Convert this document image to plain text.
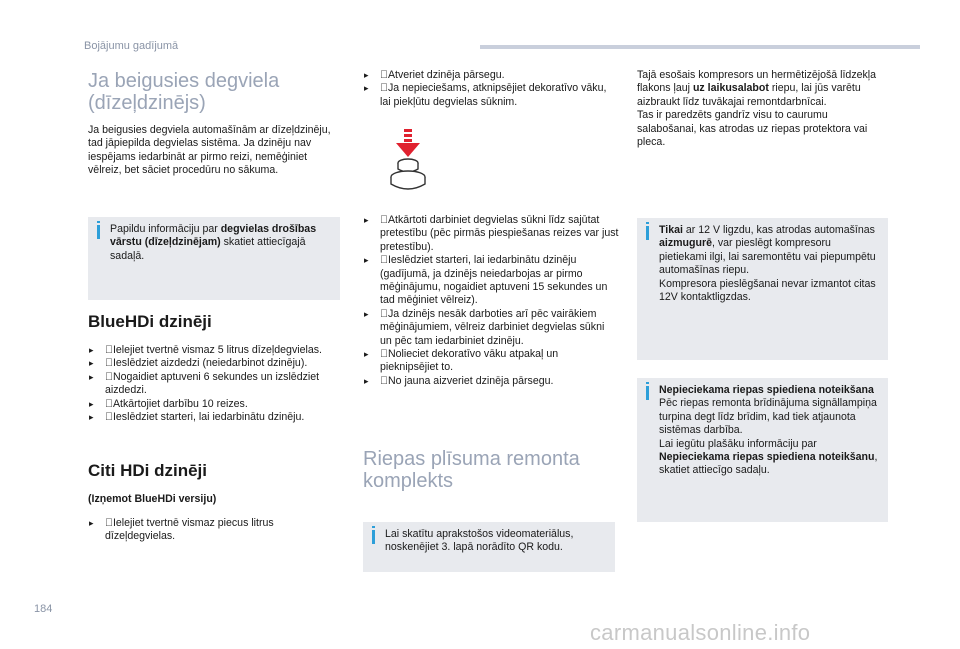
Bojājumu gadījumā
Ja beigusies degviela
(dīzeļdzinējs)

Ja beigusies degviela automašīnām ar dīzeļdzinēju, tad jāpiepilda degvielas sistēma. Ja dzinēju nav iespējams iedarbināt ar pirmo reizi, nemēģiniet vēlreiz, bet sāciet procedūru no sākuma.

Papildu informāciju par degvielas drošības vārstu (dīzeļdzinējam) skatiet attiecīgajā sadaļā.
BlueHDi dzinēji
▸ Ielejiet tvertnē vismaz 5 litrus dīzeļdegvielas.
▸ Ieslēdziet aizdedzi (neiedarbinot dzinēju).
▸ Nogaidiet aptuveni 6 sekundes un izslēdziet aizdedzi.
▸ Atkārtojiet darbību 10 reizes.
▸ Ieslēdziet starteri, lai iedarbinātu dzinēju.
Citi HDi dzinēji
(Izņemot BlueHDi versiju)
▸ Ielejiet tvertnē vismaz piecus litrus dīzeļdegvielas.
▸ Atveriet dzinēja pārsegu.
▸ Ja nepieciešams, atknipsējiet dekoratīvo vāku, lai piekļūtu degvielas sūknim.
▸ Atkārtoti darbiniet degvielas sūkni līdz sajūtat pretestību (pēc pirmās piespiešanas reizes var just pretestību).
▸ Ieslēdziet starteri, lai iedarbinātu dzinēju (gadījumā, ja dzinējs neiedarbojas ar pirmo mēģinājumu, nogaidiet aptuveni 15 sekundes un tad mēģiniet vēlreiz).
▸ Ja dzinējs nesāk darboties arī pēc vairākiem mēģinājumiem, vēlreiz darbiniet degvielas sūkni un pēc tam iedarbiniet dzinēju.
▸ Nolieciet dekoratīvo vāku atpakaļ un pieknipsējiet to.
▸ No jauna aizveriet dzinēja pārsegu.
Riepas plīsuma remonta
komplekts
Lai skatītu aprakstošos videomateriālus, noskenējiet 3. lapā norādīto QR kodu.

Tajā esošais kompresors un hermētizējošā līdzekļa flakons ļauj uz laikusalabot riepu, lai jūs varētu aizbraukt līdz tuvākajai remontdarbnīcai.

Tas ir paredzēts gandrīz visu to caurumu salabošanai, kas atrodas uz riepas protektora vai pleca.

Tikai ar 12 V ligzdu, kas atrodas automašīnas aizmugurē, var pieslēgt kompresoru pietiekami ilgi, lai saremontētu vai piepumpētu automašīnas riepu.

Kompresora pieslēgšanai nevar izmantot citas 12V kontaktligzdas.

Nepieciekama riepas spiediena noteikšana

Pēc riepas remonta brīdinājuma signāllampiņa turpina degt līdz brīdim, kad tiek atjaunota sistēmas darbība.

Lai iegūtu plašāku informāciju par Nepieciekama riepas spiediena noteikšanu, skatiet attiecīgo sadaļu.

184
carmanualsonline.info
